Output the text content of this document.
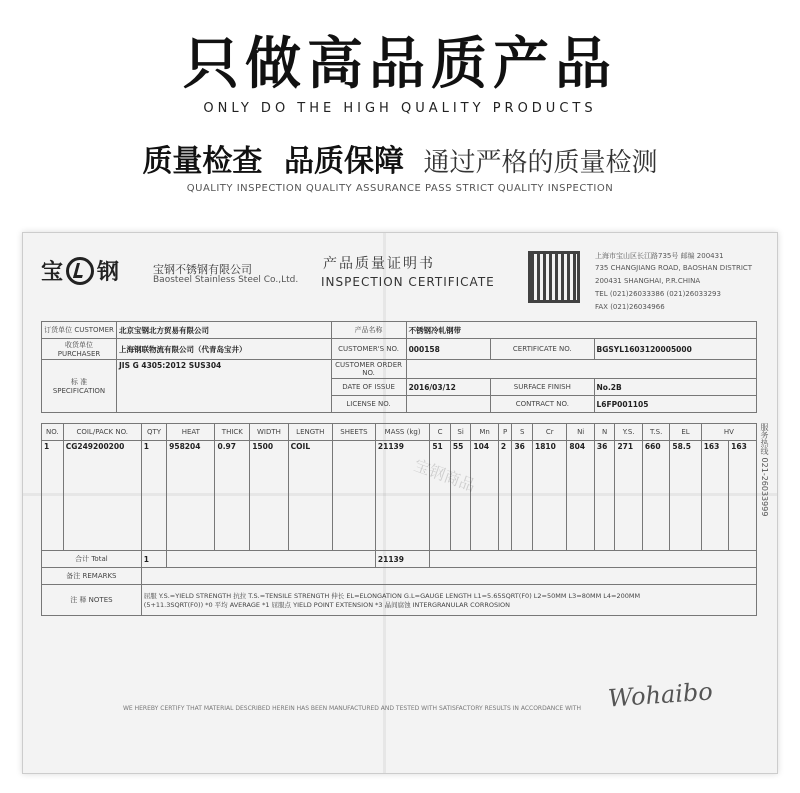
只做高品质产品
ONLY DO THE HIGH QUALITY PRODUCTS
质量检查 品质保障 通过严格的质量检测
QUALITY INSPECTION QUALITY ASSURANCE PASS STRICT QUALITY INSPECTION
宝 钢	宝钢不锈钢有限公司
Baosteel Stainless Steel Co.,Ltd.
产品质量证明书
INSPECTION CERTIFICATE
上海市宝山区长江路735号 邮编 200431
735 CHANGJIANG ROAD, BAOSHAN DISTRICT
200431 SHANGHAI, P.R.CHINA
TEL (021)26033386 (021)26033293
FAX (021)26034966
订货单位 CUSTOMER	北京宝钢北方贸易有限公司	产品名称	不锈钢冷轧钢带		
收货单位 PURCHASER	上海钢联物流有限公司（代青岛宝井）	CUSTOMER'S NO.	000158	CERTIFICATE NO.	BGSYL1603120005000
标 准 SPECIFICATION	JIS G 4305:2012 SUS304	CUSTOMER ORDER NO.			
		DATE OF ISSUE	2016/03/12	SURFACE FINISH	No.2B
		LICENSE NO.		CONTRACT NO.	L6FP001105
NO.	COIL/PACK NO.	QTY	HEAT	THICK	WIDTH	LENGTH	SHEETS	MASS (kg)	C	Si	Mn	P	S	Cr	Ni	N	Y.S.	T.S.	EL	HV	
1	CG249200200	1	958204	0.97	1500	COIL		21139	51	55	104	2	36	1810	804	36	271	660	58.5	163	163
合计 Total		1						21139													
备注 REMARKS																					
注 释 NOTES		屈服 Y.S.=YIELD STRENGTH 抗拉 T.S.=TENSILE STRENGTH 伸长 EL=ELONGATION G.L=GAUGE LENGTH L1=5.65SQRT(F0) L2=50MM L3=80MM L4=200MM
(5+11.3SQRT(F0)) *0 平均 AVERAGE *1 屈服点 YIELD POINT EXTENSION *3 晶间腐蚀 INTERGRANULAR CORROSION																			
宝钢商品
WE HEREBY CERTIFY THAT MATERIAL DESCRIBED HEREIN HAS BEEN MANUFACTURED AND TESTED WITH SATISFACTORY RESULTS IN ACCORDANCE WITH Wohaibo
服务热线 021-26033999
